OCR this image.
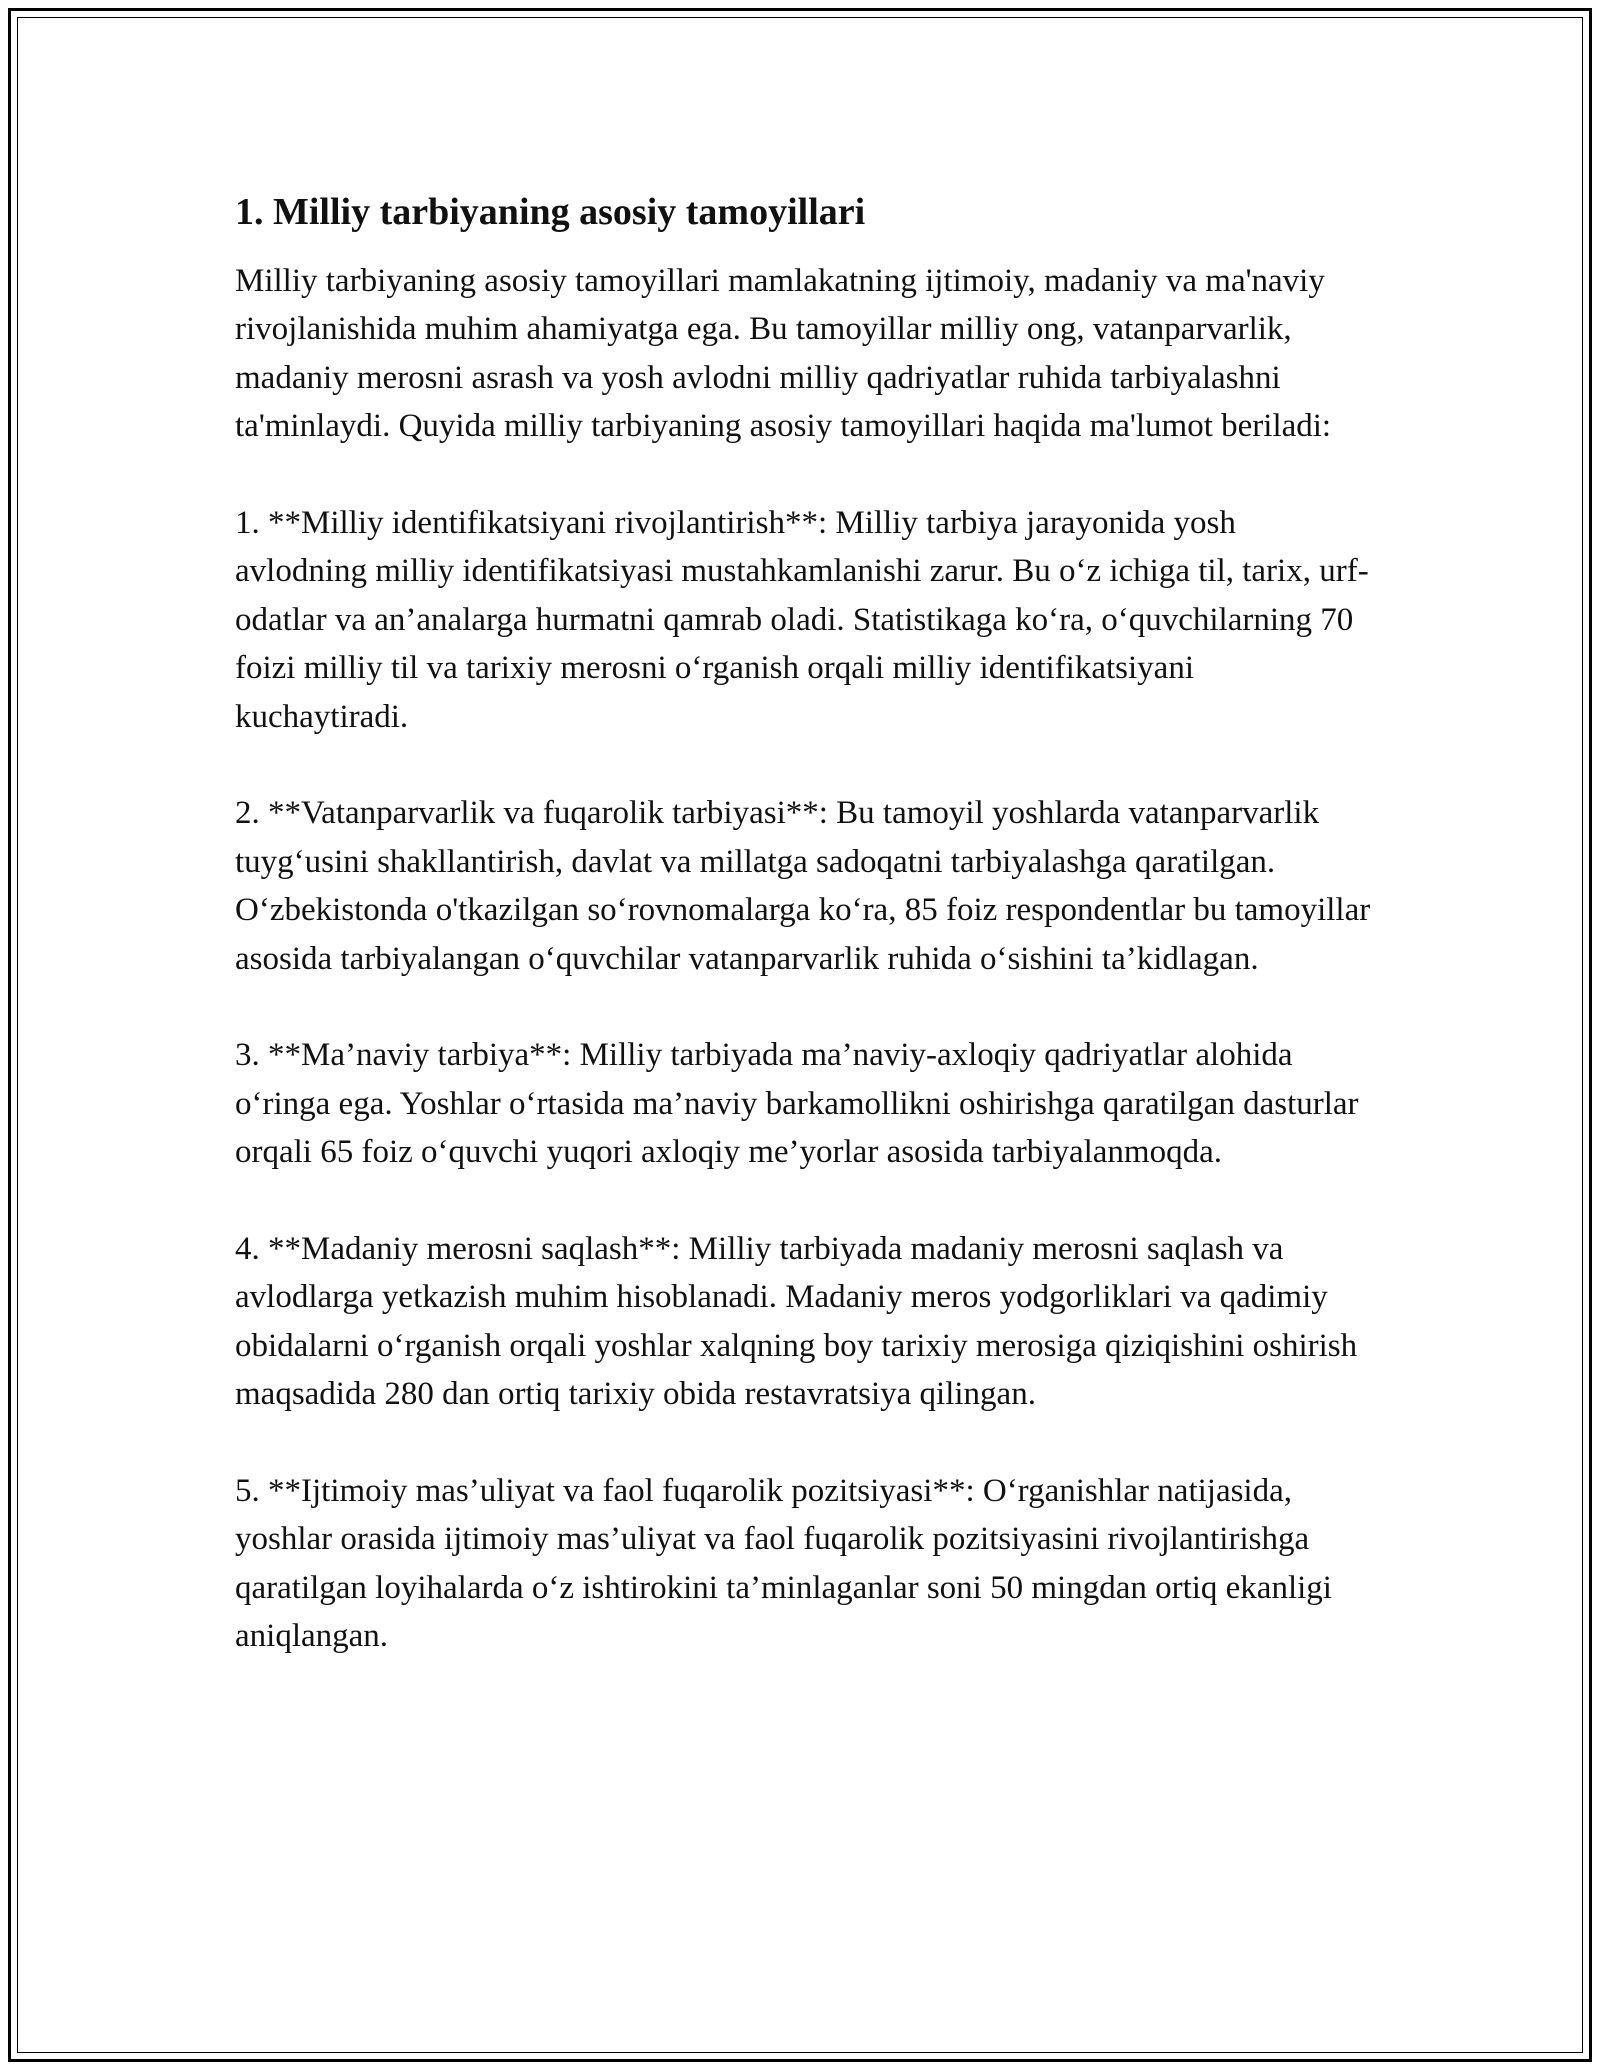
1. Milliy tarbiyaning asosiy tamoyillari

Milliy tarbiyaning asosiy tamoyillari mamlakatning ijtimoiy, madaniy va ma'naviy rivojlanishida muhim ahamiyatga ega. Bu tamoyillar milliy ong, vatanparvarlik, madaniy merosni asrash va yosh avlodni milliy qadriyatlar ruhida tarbiyalashni ta'minlaydi. Quyida milliy tarbiyaning asosiy tamoyillari haqida ma'lumot beriladi:

1. **Milliy identifikatsiyani rivojlantirish**: Milliy tarbiya jarayonida yosh avlodning milliy identifikatsiyasi mustahkamlanishi zarur. Bu o‘z ichiga til, tarix, urf-odatlar va an’analarga hurmatni qamrab oladi. Statistikaga ko‘ra, o‘quvchilarning 70 foizi milliy til va tarixiy merosni o‘rganish orqali milliy identifikatsiyani kuchaytiradi.

2. **Vatanparvarlik va fuqarolik tarbiyasi**: Bu tamoyil yoshlarda vatanparvarlik tuyg‘usini shakllantirish, davlat va millatga sadoqatni tarbiyalashga qaratilgan. O‘zbekistonda o'tkazilgan so‘rovnomalarga ko‘ra, 85 foiz respondentlar bu tamoyillar asosida tarbiyalangan o‘quvchilar vatanparvarlik ruhida o‘sishini ta’kidlagan.

3. **Ma’naviy tarbiya**: Milliy tarbiyada ma’naviy-axloqiy qadriyatlar alohida o‘ringa ega. Yoshlar o‘rtasida ma’naviy barkamollikni oshirishga qaratilgan dasturlar orqali 65 foiz o‘quvchi yuqori axloqiy me’yorlar asosida tarbiyalanmoqda.

4. **Madaniy merosni saqlash**: Milliy tarbiyada madaniy merosni saqlash va avlodlarga yetkazish muhim hisoblanadi. Madaniy meros yodgorliklari va qadimiy obidalarni o‘rganish orqali yoshlar xalqning boy tarixiy merosiga qiziqishini oshirish maqsadida 280 dan ortiq tarixiy obida restavratsiya qilingan.

5. **Ijtimoiy mas’uliyat va faol fuqarolik pozitsiyasi**: O‘rganishlar natijasida, yoshlar orasida ijtimoiy mas’uliyat va faol fuqarolik pozitsiyasini rivojlantirishga qaratilgan loyihalarda o‘z ishtirokini ta’minlaganlar soni 50 mingdan ortiq ekanligi aniqlangan.
